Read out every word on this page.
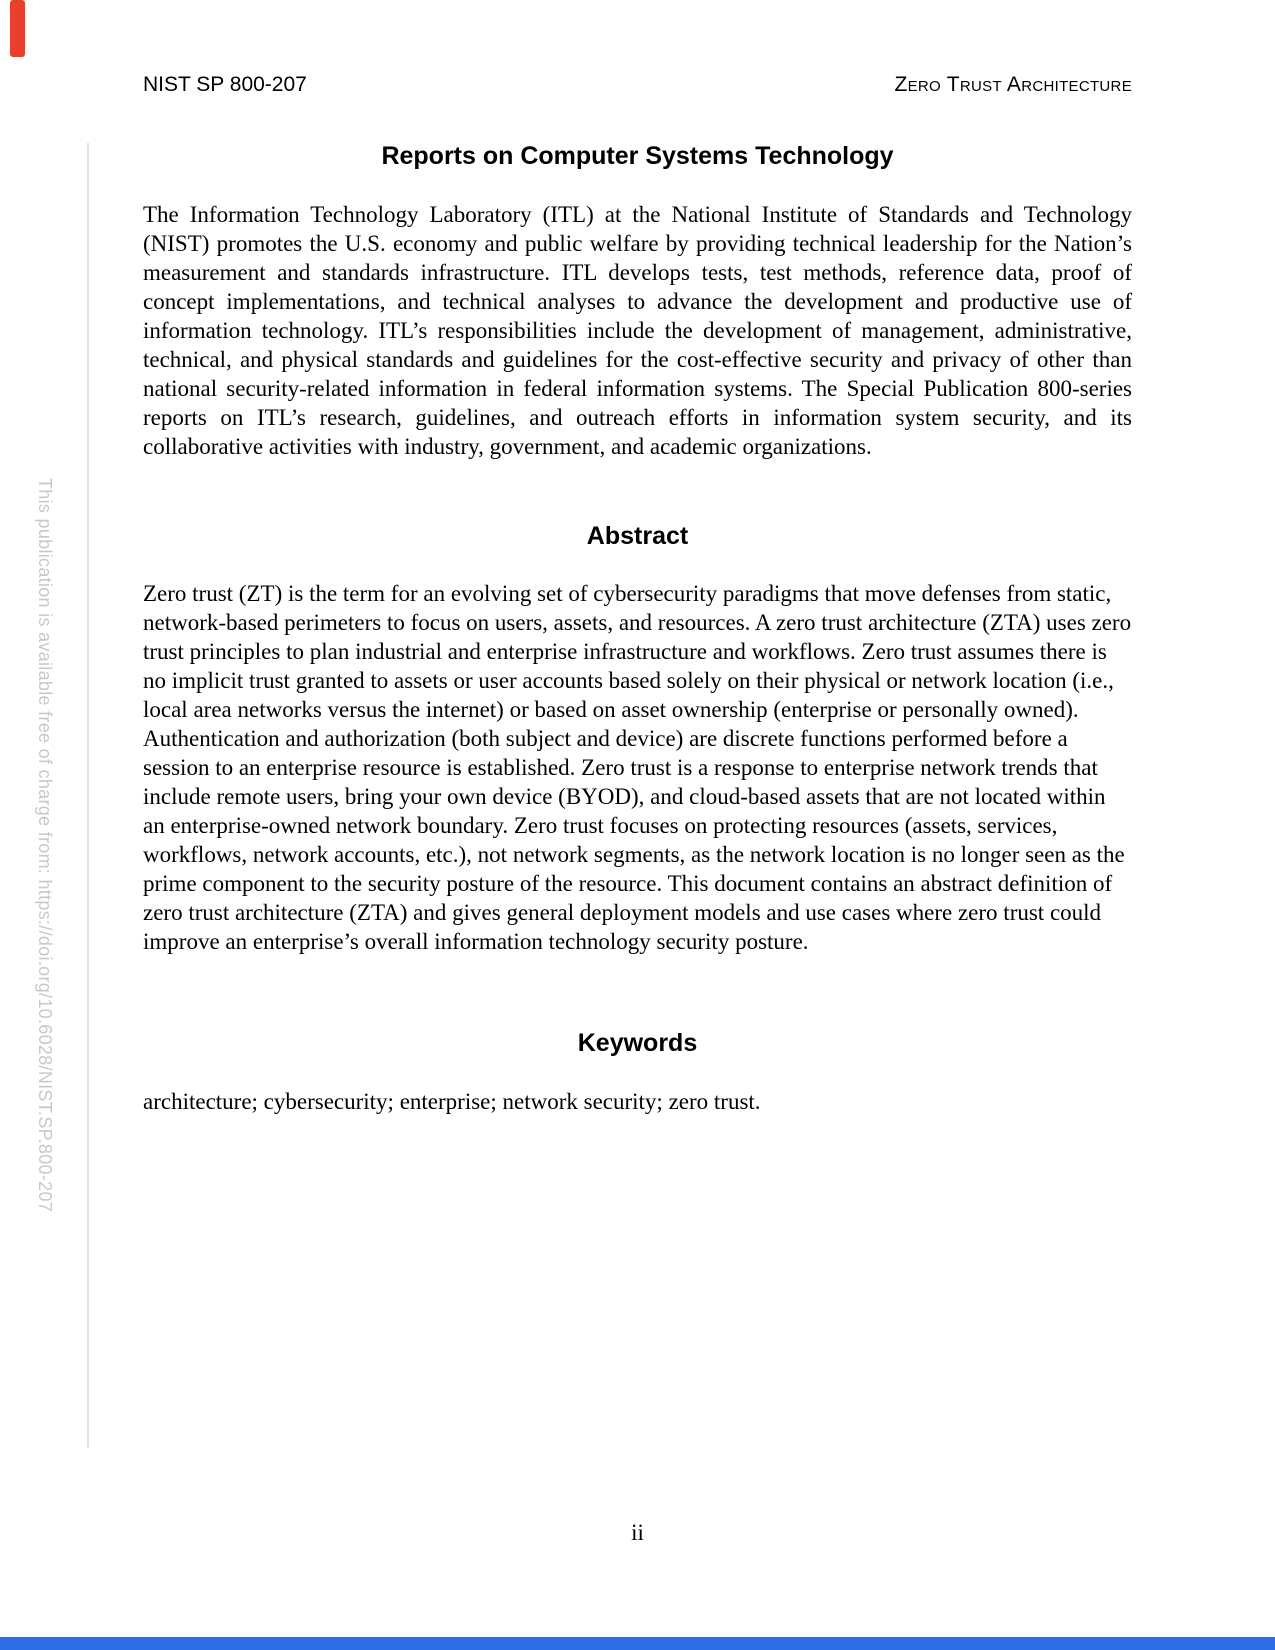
This publication is available free of charge from: https://doi.org/10.6028/NIST.SP.800-207
NIST SP 800-207	Zero Trust Architecture
Reports on Computer Systems Technology
The Information Technology Laboratory (ITL) at the National Institute of Standards and Technology (NIST) promotes the U.S. economy and public welfare by providing technical leadership for the Nation’s measurement and standards infrastructure. ITL develops tests, test methods, reference data, proof of concept implementations, and technical analyses to advance the development and productive use of information technology. ITL’s responsibilities include the development of management, administrative, technical, and physical standards and guidelines for the cost-effective security and privacy of other than national security-related information in federal information systems. The Special Publication 800-series reports on ITL’s research, guidelines, and outreach efforts in information system security, and its collaborative activities with industry, government, and academic organizations.
Abstract
Zero trust (ZT) is the term for an evolving set of cybersecurity paradigms that move defenses from static, network-based perimeters to focus on users, assets, and resources. A zero trust architecture (ZTA) uses zero trust principles to plan industrial and enterprise infrastructure and workflows. Zero trust assumes there is no implicit trust granted to assets or user accounts based solely on their physical or network location (i.e., local area networks versus the internet) or based on asset ownership (enterprise or personally owned). Authentication and authorization (both subject and device) are discrete functions performed before a session to an enterprise resource is established. Zero trust is a response to enterprise network trends that include remote users, bring your own device (BYOD), and cloud-based assets that are not located within an enterprise-owned network boundary. Zero trust focuses on protecting resources (assets, services, workflows, network accounts, etc.), not network segments, as the network location is no longer seen as the prime component to the security posture of the resource. This document contains an abstract definition of zero trust architecture (ZTA) and gives general deployment models and use cases where zero trust could improve an enterprise’s overall information technology security posture.
Keywords
architecture; cybersecurity; enterprise; network security; zero trust.
ii
